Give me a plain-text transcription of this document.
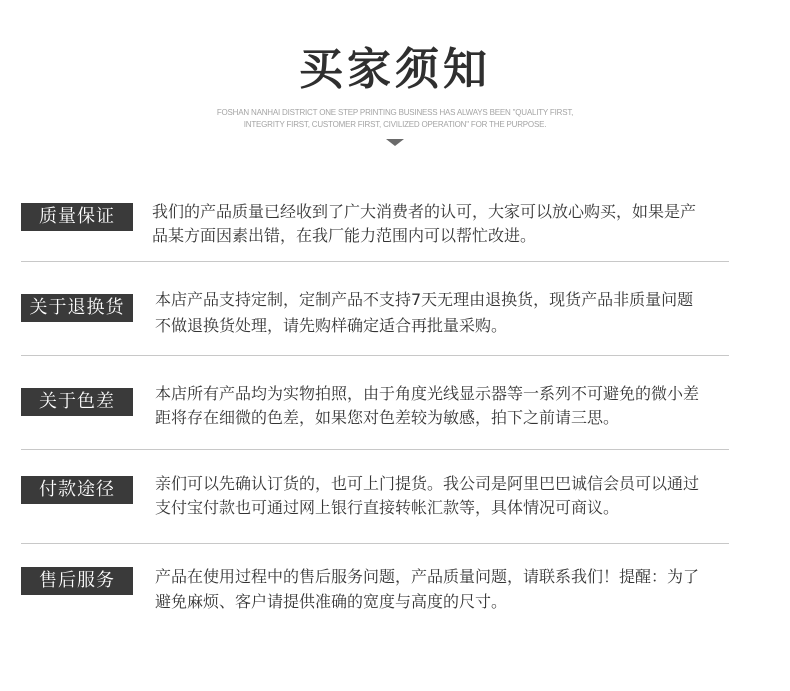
买家须知
FOSHAN NANHAI DISTRICT ONE STEP PRINTING BUSINESS HAS ALWAYS BEEN "QUALITY FIRST,
INTEGRITY FIRST, CUSTOMER FIRST, CIVILIZED OPERATION" FOR THE PURPOSE.
质量保证	我们的产品质量已经收到了广大消费者的认可，大家可以放心购买，如果是产
品某方面因素出错，在我厂能力范围内可以帮忙改进。
关于退换货	本店产品支持定制，定制产品不支持7天无理由退换货，现货产品非质量问题
不做退换货处理，请先购样确定适合再批量采购。
关于色差	本店所有产品均为实物拍照，由于角度光线显示器等一系列不可避免的微小差
距将存在细微的色差，如果您对色差较为敏感，拍下之前请三思。
付款途径	亲们可以先确认订货的，也可上门提货。我公司是阿里巴巴诚信会员可以通过
支付宝付款也可通过网上银行直接转帐汇款等，具体情况可商议。
售后服务	产品在使用过程中的售后服务问题，产品质量问题，请联系我们！提醒：为了
避免麻烦、客户请提供准确的宽度与高度的尺寸。
